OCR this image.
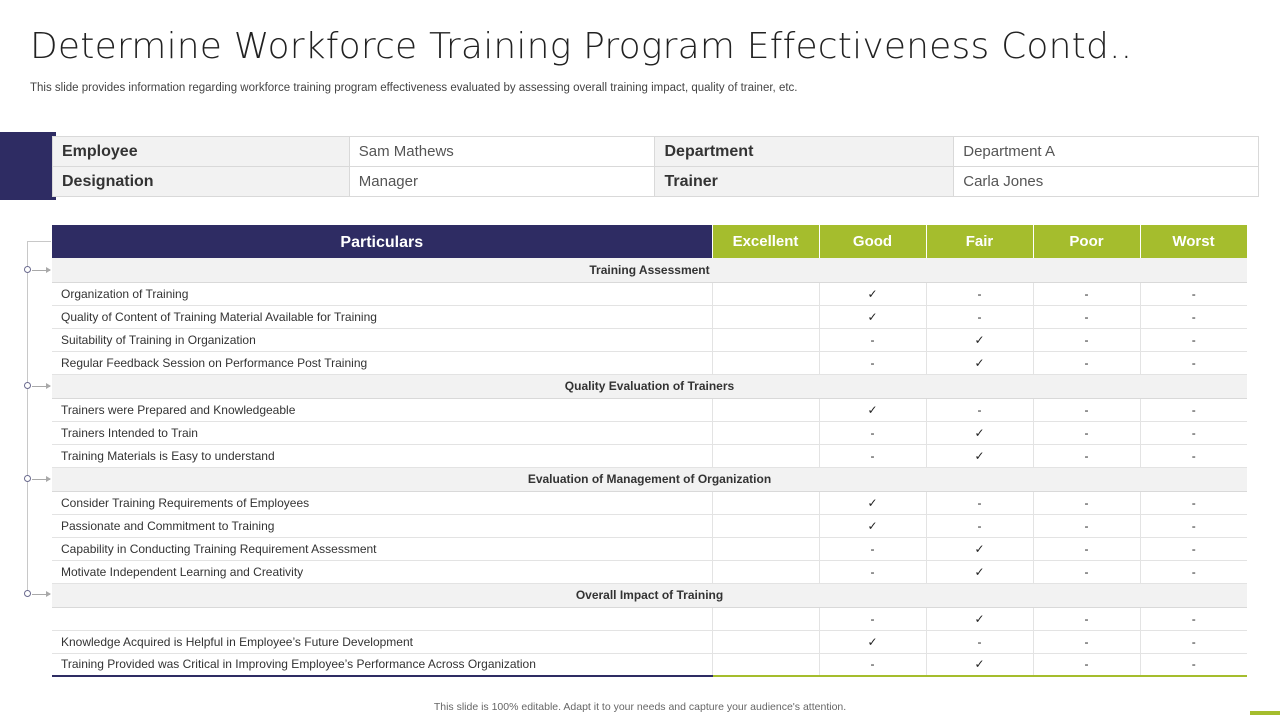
Determine Workforce Training Program Effectiveness Contd..
This slide provides information regarding workforce training program effectiveness evaluated by assessing overall training impact, quality of trainer, etc.
Employee	Sam Mathews	Department	Department A
Designation	Manager	Trainer	Carla Jones
Particulars	Excellent	Good	Fair	Poor	Worst
Training Assessment					
Organization of Training		✓	-	-	-
Quality of Content of Training Material Available for Training		✓	-	-	-
Suitability of Training in Organization		-	✓	-	-
Regular Feedback Session on Performance Post Training		-	✓	-	-
Quality Evaluation of Trainers					
Trainers were Prepared and Knowledgeable		✓	-	-	-
Trainers Intended to Train		-	✓	-	-
Training Materials is Easy to understand		-	✓	-	-
Evaluation of Management of Organization					
Consider Training Requirements of Employees		✓	-	-	-
Passionate and Commitment to Training		✓	-	-	-
Capability in Conducting Training Requirement Assessment		-	✓	-	-
Motivate Independent Learning and Creativity		-	✓	-	-
Overall Impact of Training					
		-	✓	-	-
Knowledge Acquired is Helpful in Employee’s Future Development		✓	-	-	-
Training Provided was Critical in Improving Employee’s Performance Across Organization		-	✓	-	-
This slide is 100% editable. Adapt it to your needs and capture your audience's attention.
